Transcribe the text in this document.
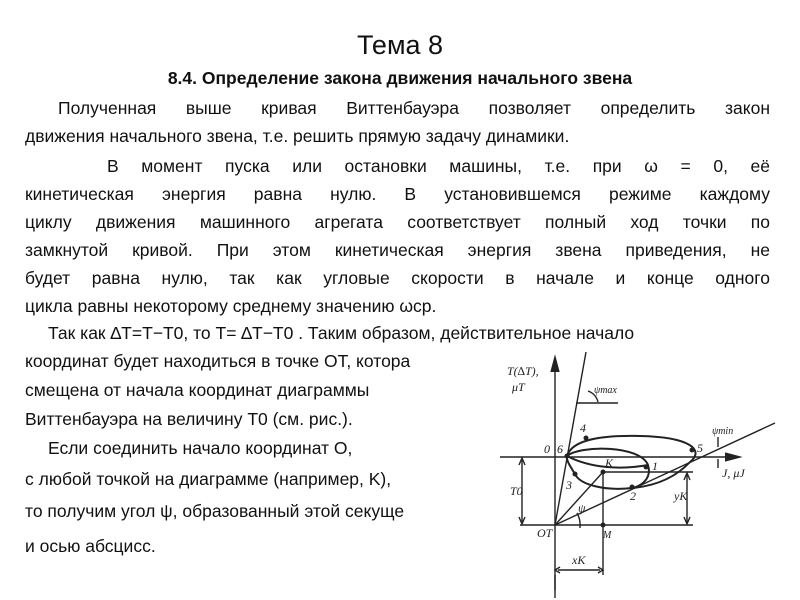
Тема 8
8.4. Определение закона движения начального звена
Полученная выше кривая Виттенбауэра позволяет определить закон
движения начального звена, т.е. решить прямую задачу динамики.
В момент пуска или остановки машины, т.е. при ω = 0, её
кинетическая энергия равна нулю. В установившемся режиме каждому
циклу движения машинного агрегата соответствует полный ход точки по
замкнутой кривой. При этом кинетическая энергия звена приведения, не
будет равна нулю, так как угловые скорости в начале и конце одного
цикла равны некоторому среднему значению ωcp.
Так как ∆T=T−T0, то T= ∆T−T0 . Таким образом, действительное начало
координат будет находиться в точке OT, котора
смещена от начала координат диаграммы
Виттенбауэра на величину T0 (см. рис.).
Если соединить начало координат O,
с любой точкой на диаграмме (например, K),
то получим угол ψ, образованный этой секуще
и осью абсцисс.
T(∆T),
μT	ψmax
ψmin
J, μJ
0
OT
T0	yK
xK
K
M
ψ
1
2
3
4
5
6
